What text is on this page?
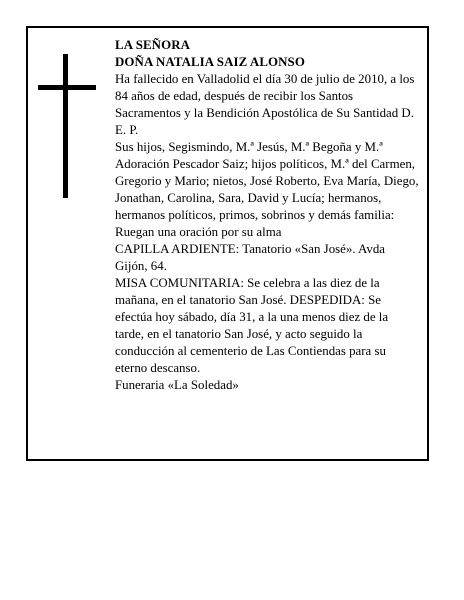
LA SEÑORA

DOÑA NATALIA SAIZ ALONSO

Ha fallecido en Valladolid el día 30 de julio de 2010, a los 84 años de edad, después de recibir los Santos Sacramentos y la Bendición Apostólica de Su Santidad D. E. P.

Sus hijos, Segismindo, M.ª Jesús, M.ª Begoña y M.ª Adoración Pescador Saiz; hijos políticos, M.ª del Carmen, Gregorio y Mario; nietos, José Roberto, Eva María, Diego, Jonathan, Carolina, Sara, David y Lucía; hermanos, hermanos políticos, primos, sobrinos y demás familia:

Ruegan una oración por su alma

CAPILLA ARDIENTE: Tanatorio «San José». Avda Gijón, 64.

MISA COMUNITARIA: Se celebra a las diez de la mañana, en el tanatorio San José. DESPEDIDA: Se efectúa hoy sábado, día 31, a la una menos diez de la tarde, en el tanatorio San José, y acto seguido la conducción al cementerio de Las Contiendas para su eterno descanso.

Funeraria «La Soledad»
